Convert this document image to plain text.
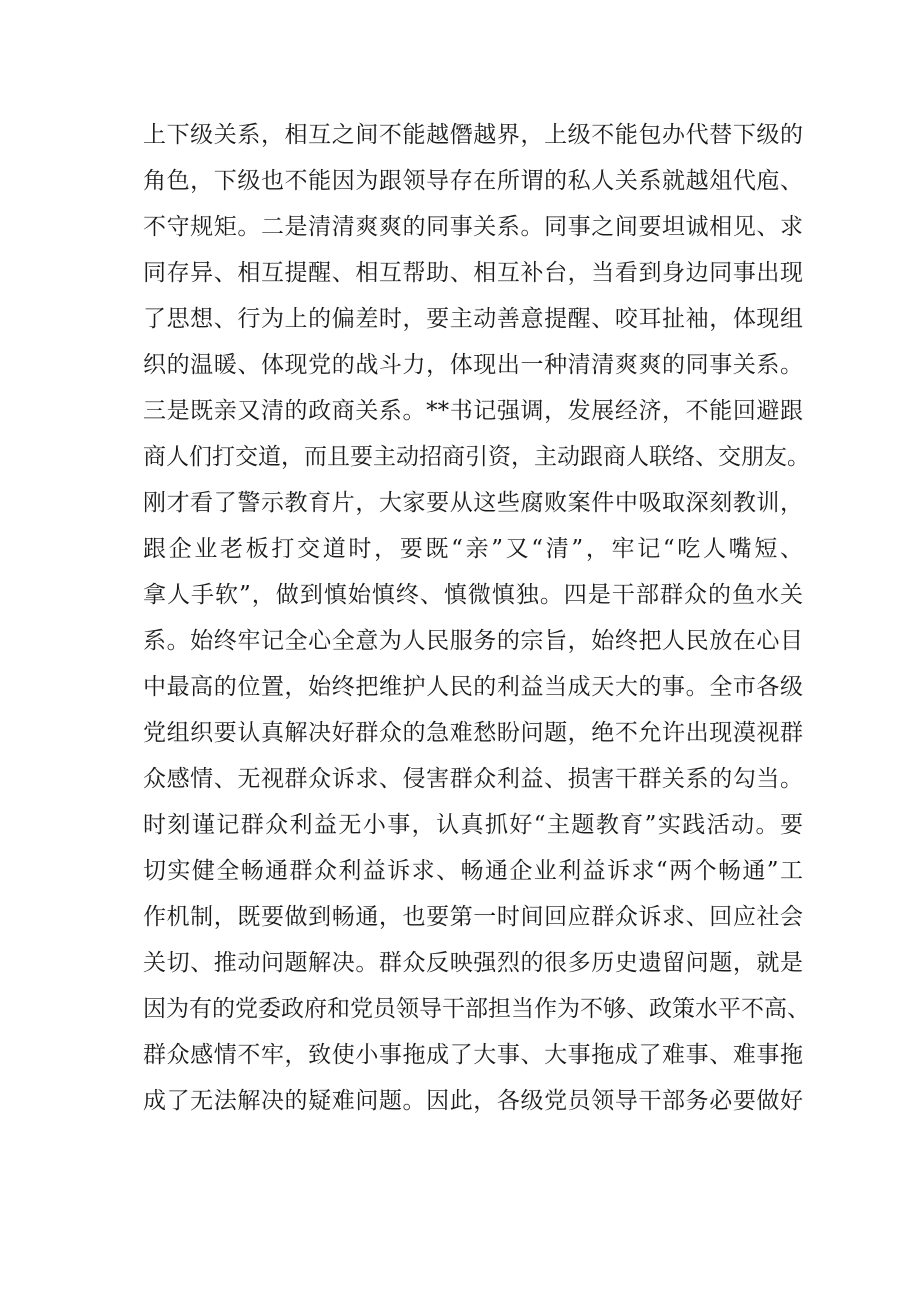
上下级关系，相互之间不能越僭越界，上级不能包办代替下级的
角色，下级也不能因为跟领导存在所谓的私人关系就越俎代庖、
不守规矩。二是清清爽爽的同事关系。同事之间要坦诚相见、求
同存异、相互提醒、相互帮助、相互补台，当看到身边同事出现
了思想、行为上的偏差时，要主动善意提醒、咬耳扯袖，体现组
织的温暖、体现党的战斗力，体现出一种清清爽爽的同事关系。
三是既亲又清的政商关系。**书记强调，发展经济，不能回避跟
商人们打交道，而且要主动招商引资，主动跟商人联络、交朋友。
刚才看了警示教育片，大家要从这些腐败案件中吸取深刻教训，
跟企业老板打交道时，要既“亲”又“清”，牢记“吃人嘴短、
拿人手软”，做到慎始慎终、慎微慎独。四是干部群众的鱼水关
系。始终牢记全心全意为人民服务的宗旨，始终把人民放在心目
中最高的位置，始终把维护人民的利益当成天大的事。全市各级
党组织要认真解决好群众的急难愁盼问题，绝不允许出现漠视群
众感情、无视群众诉求、侵害群众利益、损害干群关系的勾当。
时刻谨记群众利益无小事，认真抓好“主题教育”实践活动。要
切实健全畅通群众利益诉求、畅通企业利益诉求“两个畅通”工
作机制，既要做到畅通，也要第一时间回应群众诉求、回应社会
关切、推动问题解决。群众反映强烈的很多历史遗留问题，就是
因为有的党委政府和党员领导干部担当作为不够、政策水平不高、
群众感情不牢，致使小事拖成了大事、大事拖成了难事、难事拖
成了无法解决的疑难问题。因此，各级党员领导干部务必要做好
